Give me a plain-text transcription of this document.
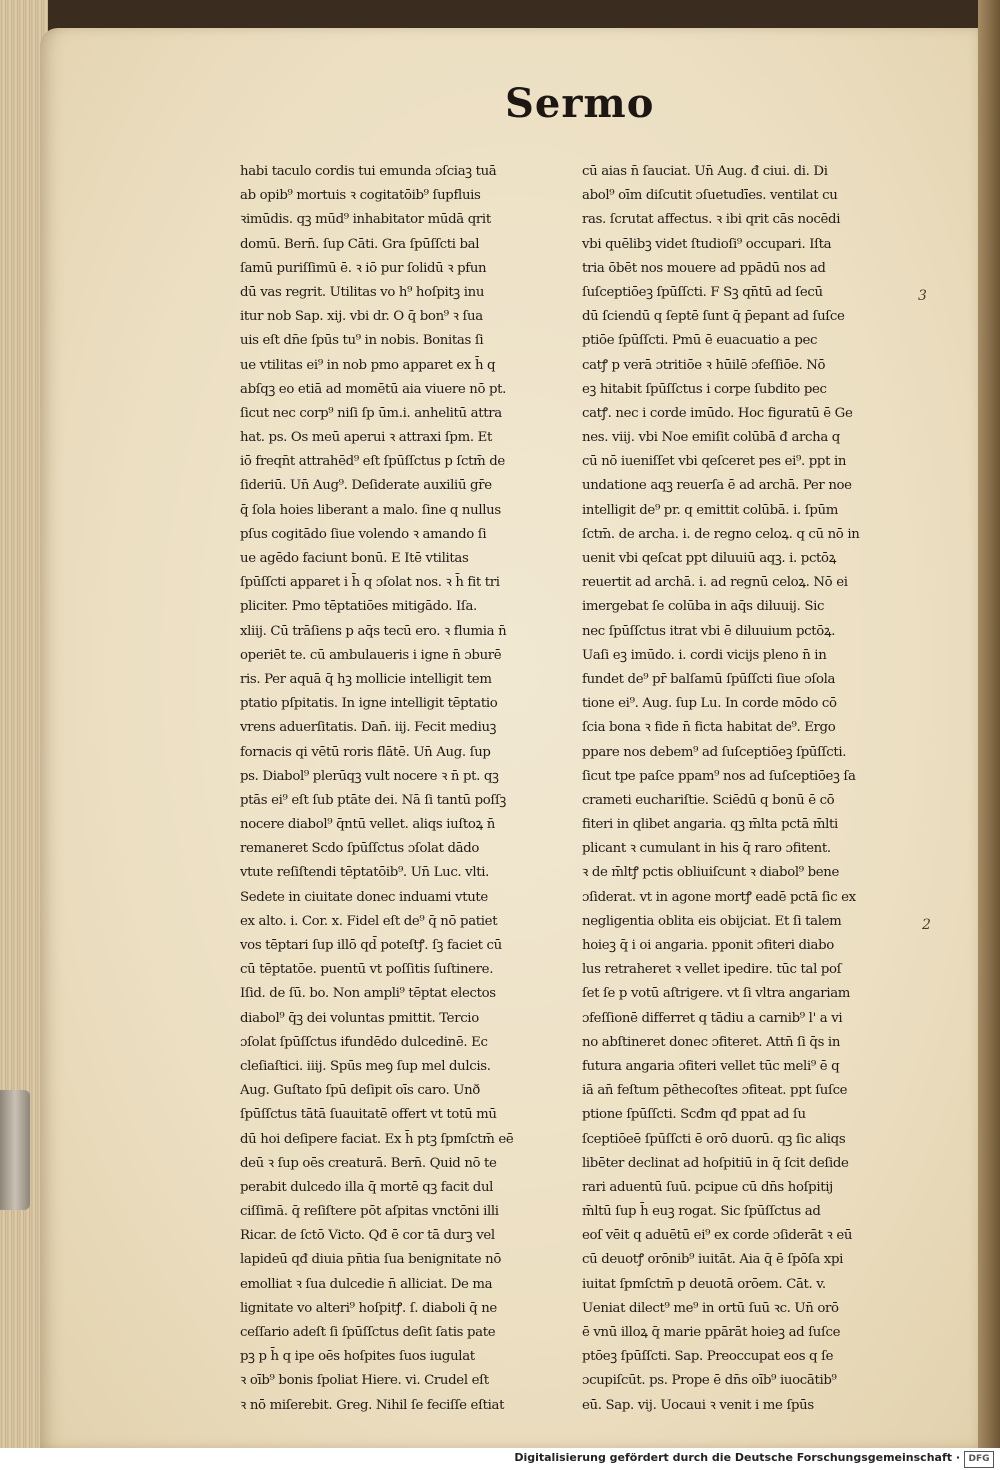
Sermo
habi taculo cordis tui emunda ɔſciaꝫ tuā
ab opib⁹ mortuis ꝛ cogitatōib⁹ ſupfluis
ꝛimūdis. qꝫ mūd⁹ inhabitator mūdā qrit
domū. Bern̄. ſup Cāti. Gra ſpūſſcti bal
ſamū puriſſimū ē. ꝛ iō pur ſolidū ꝛ pfun
dū vas regrit. Utilitas vo h⁹ hoſpitꝫ inu
itur nob Sap. xij. vbi dr. O q̄ bon⁹ ꝛ ſua
uis eſt dn̄e ſpūs tu⁹ in nobis. Bonitas ſi
ue vtilitas ei⁹ in nob pmo apparet ex h̄ q
abſqꝫ eo etiā ad momētū aia viuere nō pt.
ſicut nec corp⁹ niſi ſp ūm.i. anhelitū attra
hat. ps. Os meū aperui ꝛ attraxi ſpm. Et
iō freqn̄t attrahēd⁹ eſt ſpūſſctus p ſctm̄ de
ſideriū. Un̄ Aug⁹. Deſiderate auxiliū gr̄e
q̄ ſola hoies liberant a malo. ſine q nullus
pſus cogitādo ſiue volendo ꝛ amando ſi
ue agēdo faciunt bonū. E Itē vtilitas
ſpūſſcti apparet i h̄ q ɔſolat nos. ꝛ h̄ fit tri
pliciter. Pmo tēptatiōes mitigādo. Iſa.
xliij. Cū trāſiens p aq̄s tecū ero. ꝛ flumia n̄
operiēt te. cū ambulaueris i igne n̄ ɔburē
ris. Per aquā q̄ hꝫ mollicie intelligit tem
ptatio pſpitatis. In igne intelligit tēptatio
vrens aduerſitatis. Dan̄. iij. Fecit mediuꝫ
fornacis qi vētū roris flātē. Un̄ Aug. ſup
ps. Diabol⁹ plerūqꝫ vult nocere ꝛ n̄ pt. qꝫ
ptās ei⁹ eſt ſub ptāte dei. Nā ſi tantū poſſꝫ
nocere diabol⁹ q̄ntū vellet. aliqs iuſtoꝝ n̄
remaneret Scdo ſpūſſctus ɔſolat dādo
vtute reſiſtendi tēptatōib⁹. Un̄ Luc. vlti.
Sedete in ciuitate donec induami vtute
ex alto. i. Cor. x. Fidel eſt de⁹ q̄ nō patiet
vos tēptari ſup illō qd̄ poteſtꝭ. ſꝫ faciet cū
cū tēptatōe. puentū vt poſſitis ſuſtinere.
Iſid. de ſū. bo. Non ampli⁹ tēptat electos
diabol⁹ q̄ꝫ dei voluntas pmittit. Tercio
ɔſolat ſpūſſctus ifundēdo dulcedinē. Ec
cleſiaſtici. iiij. Spūs meꝯ ſup mel dulcis.
Aug. Guſtato ſpū deſipit oīs caro. Unð
ſpūſſctus tātā ſuauitatē offert vt totū mū
dū hoi deſipere faciat. Ex h̄ ptꝫ ſpmſctm̄ eē
deū ꝛ ſup oēs creaturā. Bern̄. Quid nō te
perabit dulcedo illa q̄ mortē qꝫ facit dul
ciſſimā. q̄ reſiſtere pōt aſpitas vnctōni illi
Ricar. de ſctō Victo. Qđ ē cor tā durꝫ vel
lapideū qđ diuia pn̄tia ſua benignitate nō
emolliat ꝛ ſua dulcedie n̄ alliciat. De ma
lignitate vo alteri⁹ hoſpitꝭ. ſ. diaboli q̄ ne
ceſſario adeſt ſi ſpūſſctus deſit ſatis pate
pꝫ p h̄ q ipe oēs hoſpites ſuos iugulat
ꝛ oīb⁹ bonis ſpoliat Hiere. vi. Crudel eſt
ꝛ nō miſerebit. Greg. Nihil ſe feciſſe eſtiat
cū aias n̄ ſauciat. Un̄ Aug. đ ciui. di. Di
abol⁹ oīm diſcutit ɔſuetudīes. ventilat cu
ras. ſcrutat affectus. ꝛ ibi qrit cās nocēdi
vbi quēlibꝫ videt ſtudioſi⁹ occupari. Iſta
tria ōbēt nos mouere ad ppādū nos ad
ſuſceptiōeꝫ ſpūſſcti. F Sꝫ qn̄tū ad ſecū
dū ſciendū q ſeptē ſunt q̄ p̄epant ad ſuſce
ptiōe ſpūſſcti. Pmū ē euacuatio a pec
catꝭ p verā ɔtritiōe ꝛ hūilē ɔfeſſiōe. Nō
eꝫ hitabit ſpūſſctus i corpe ſubdito pec
catꝭ. nec i corde imūdo. Hoc figuratū ē Ge
nes. viij. vbi Noe emiſit colūbā đ archa q
cū nō iueniſſet vbi qeſceret pes ei⁹. ppt in
undatione aqꝫ reuerſa ē ad archā. Per noe
intelligit de⁹ pr. q emittit colūbā. i. ſpūm
ſctm̄. de archa. i. de regno celoꝝ. q cū nō in
uenit vbi qeſcat ppt diluuiū aqꝫ. i. pctōꝝ
reuertit ad archā. i. ad regnū celoꝝ. Nō ei
imergebat ſe colūba in aq̄s diluuij. Sic
nec ſpūſſctus itrat vbi ē diluuium pctōꝝ.
Uaſi eꝫ imūdo. i. cordi vicijs pleno n̄ in
fundet de⁹ pr̄ balſamū ſpūſſcti ſiue ɔſola
tione ei⁹. Aug. ſup Lu. In corde mōdo cō
ſcia bona ꝛ fide n̄ ficta habitat de⁹. Ergo
ppare nos debem⁹ ad ſuſceptiōeꝫ ſpūſſcti.
ſicut tpe paſce ppam⁹ nos ad ſuſceptiōeꝫ ſa
crameti euchariſtie. Sciēdū q bonū ē cō
fiteri in qlibet angaria. qꝫ m̄lta pctā m̄lti
plicant ꝛ cumulant in his q̄ raro ɔfitent.
ꝛ de m̄ltꝭ pctis obliuiſcunt ꝛ diabol⁹ bene
ɔſiderat. vt in agone mortꝭ eadē pctā ſic ex
negligentia oblita eis obijciat. Et ſi talem
hoieꝫ q̄ i oi angaria. pponit ɔfiteri diabo
lus retraheret ꝛ vellet ipedire. tūc tal poſ
ſet ſe p votū aſtrigere. vt ſi vltra angariam
ɔfeſſionē differret q tādiu a carnib⁹ l' a vi
no abſtineret donec ɔfiteret. Attn̄ ſi q̄s in
futura angaria ɔfiteri vellet tūc meli⁹ ē q
iā an̄ feſtum pēthecoſtes ɔfiteat. ppt ſuſce
ptione ſpūſſcti. Scđm qđ ppat ad ſu
ſceptiōeē ſpūſſcti ē orō duorū. qꝫ ſic aliqs
libēter declinat ad hoſpitiū in q̄ ſcit deſide
rari aduentū ſuū. pcipue cū dn̄s hoſpitij
m̄ltū ſup h̄ euꝫ rogat. Sic ſpūſſctus ad
eoſ vēit q aduētū ei⁹ ex corde ɔſiderāt ꝛ eū
cū deuotꝭ orōnib⁹ iuitāt. Aia q̄ ē ſpōſa xpi
iuitat ſpmſctm̄ p deuotā orōem. Cāt. v.
Ueniat dilect⁹ me⁹ in ortū ſuū ꝛc. Un̄ orō
ē vnū illoꝝ q̄ marie ppārāt hoieꝫ ad ſuſce
ptōeꝫ ſpūſſcti. Sap. Preoccupat eos q ſe
ɔcupiſcūt. ps. Prope ē dn̄s oīb⁹ iuocātib⁹
eū. Sap. vij. Uocaui ꝛ venit i me ſpūs
3
2
Digitalisierung gefördert durch die Deutsche Forschungsgemeinschaft · DFG
